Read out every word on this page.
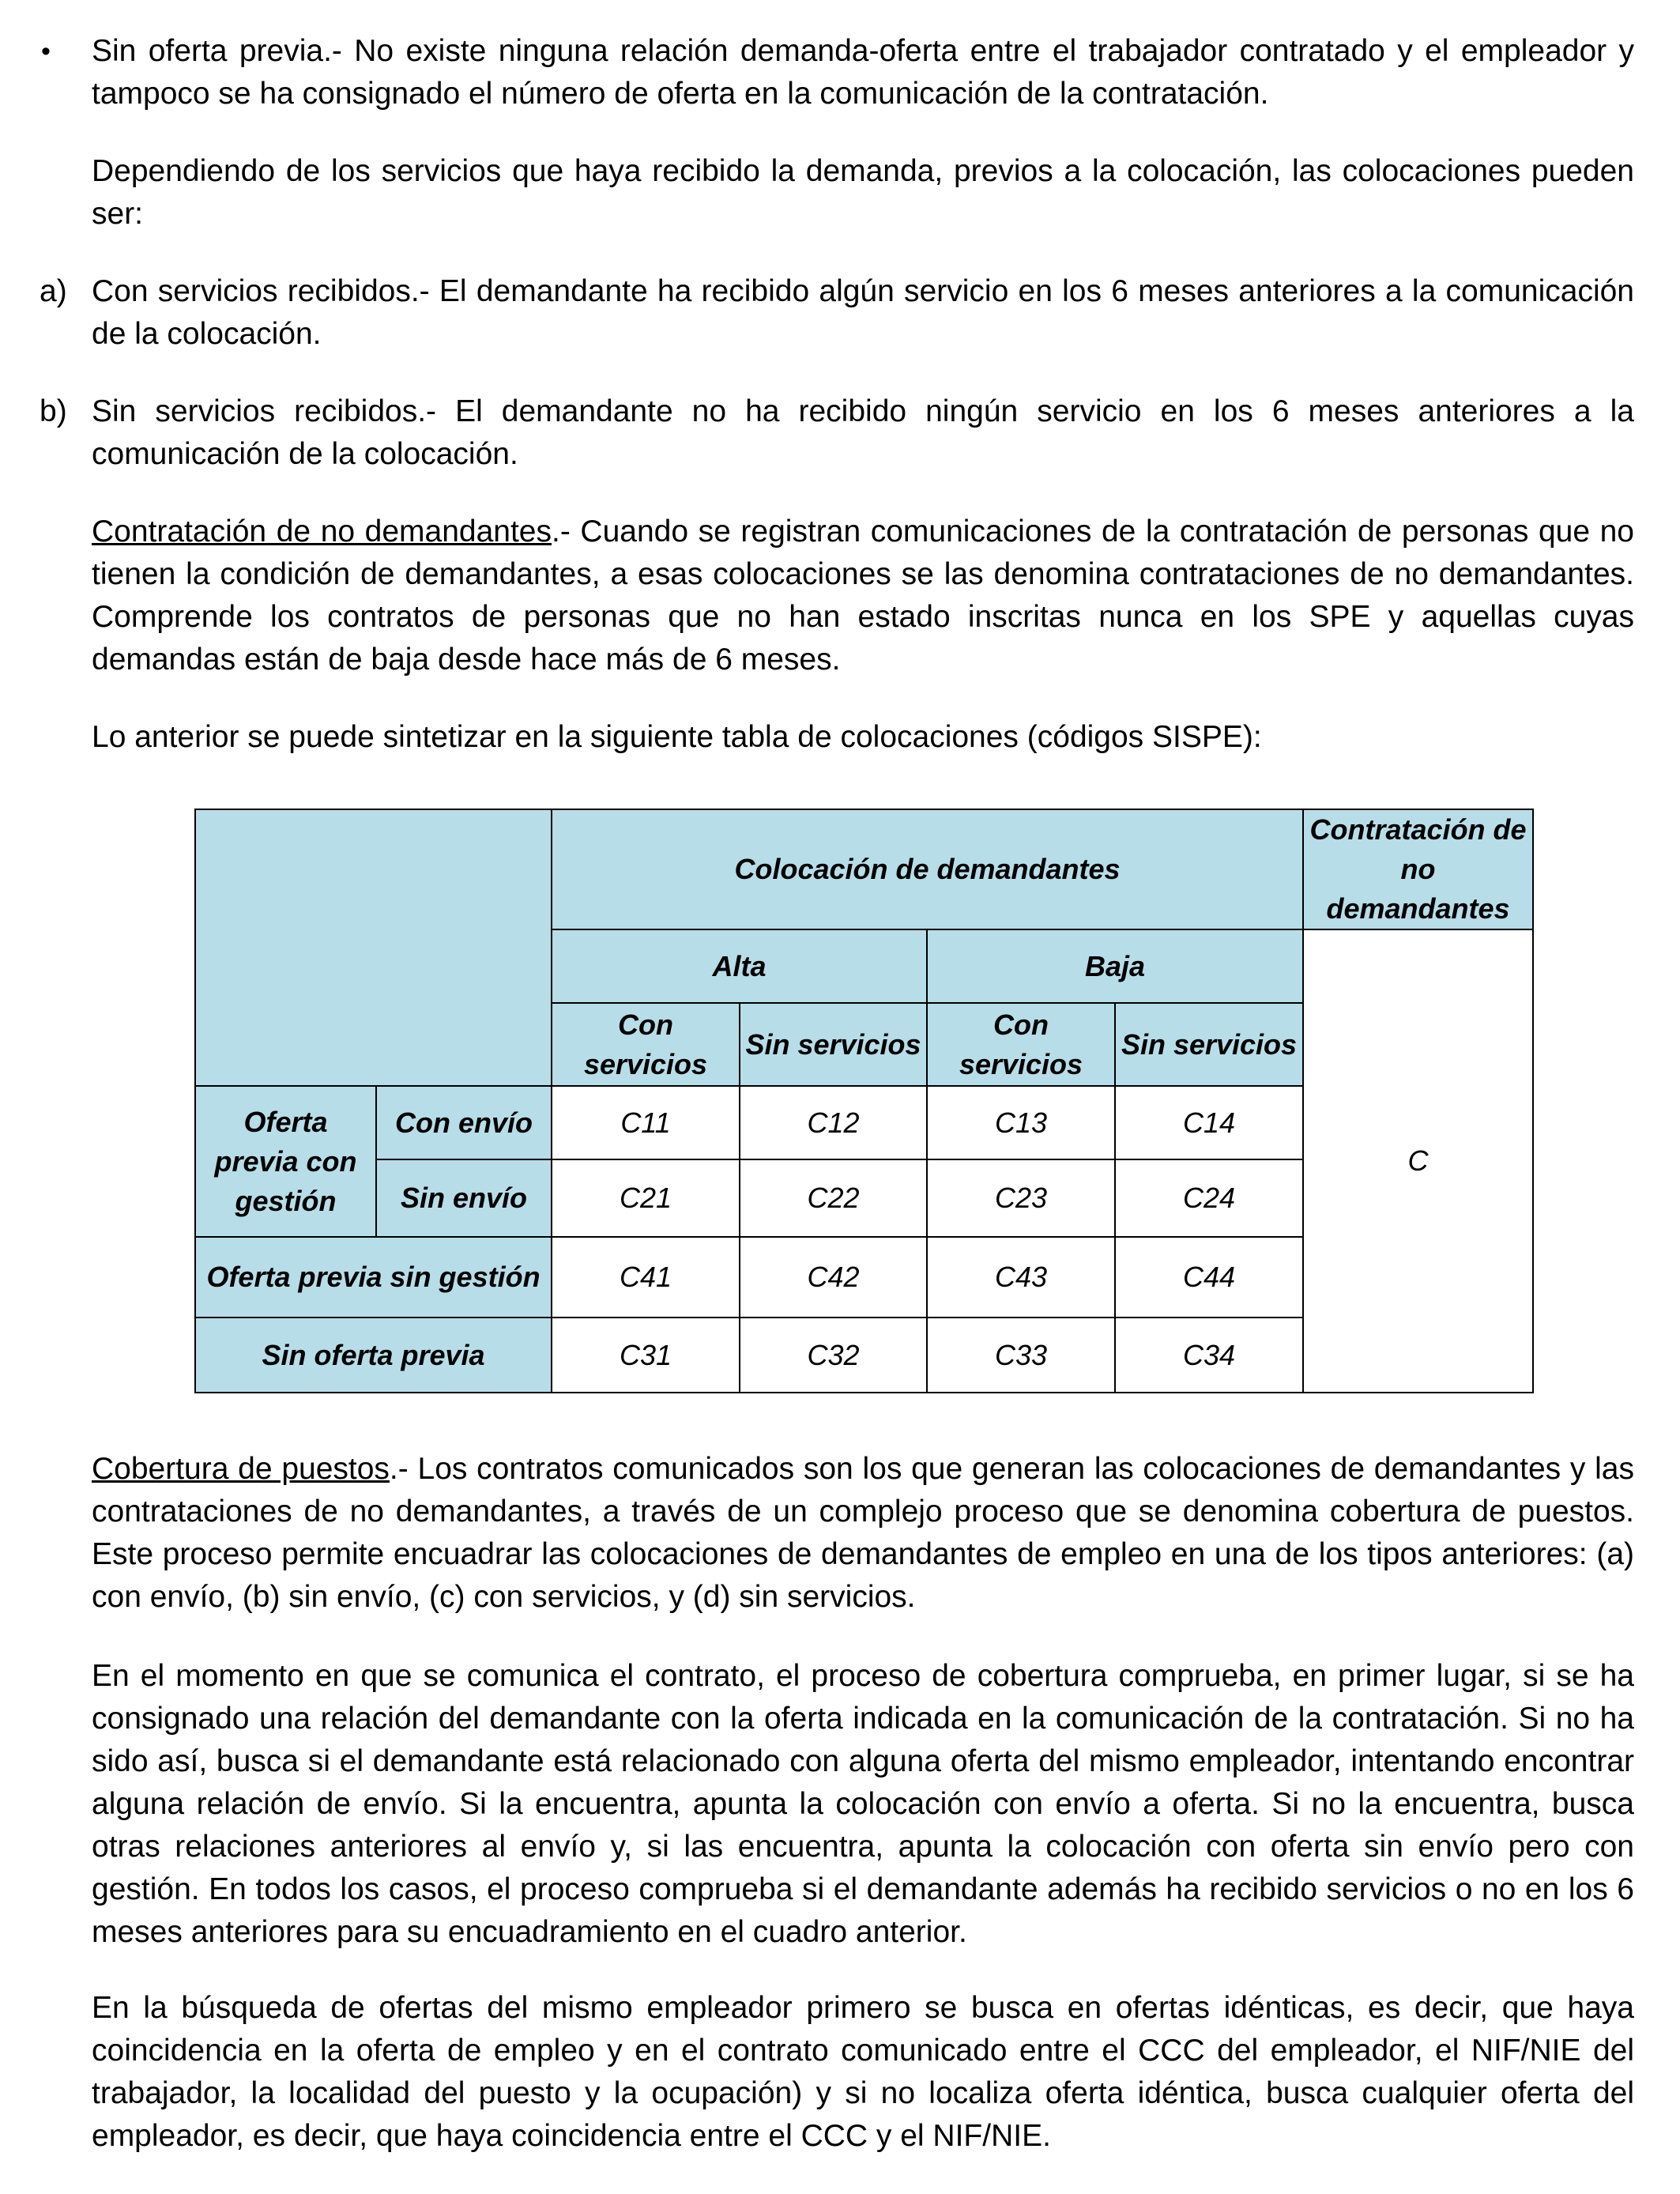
• Sin oferta previa.- No existe ninguna relación demanda-oferta entre el trabajador contratado y el empleador y tampoco se ha consignado el número de oferta en la comunicación de la contratación.

Dependiendo de los servicios que haya recibido la demanda, previos a la colocación, las colocaciones pueden ser:

a) Con servicios recibidos.- El demandante ha recibido algún servicio en los 6 meses anteriores a la comunicación de la colocación.

b) Sin servicios recibidos.- El demandante no ha recibido ningún servicio en los 6 meses anteriores a la comunicación de la colocación.

Contratación de no demandantes.- Cuando se registran comunicaciones de la contratación de personas que no tienen la condición de demandantes, a esas colocaciones se las denomina contrataciones de no demandantes. Comprende los contratos de personas que no han estado inscritas nunca en los SPE y aquellas cuyas demandas están de baja desde hace más de 6 meses.

Lo anterior se puede sintetizar en la siguiente tabla de colocaciones (códigos SISPE):

		Colocación de demandantes				Contratación de no demandantes
		Alta		Baja		C
		Con servicios	Sin servicios	Con servicios	Sin servicios	
Oferta previa con gestión	Con envío	C11	C12	C13	C14	
	Sin envío	C21	C22	C23	C24	
Oferta previa sin gestión		C41	C42	C43	C44	
Sin oferta previa		C31	C32	C33	C34	

Cobertura de puestos.- Los contratos comunicados son los que generan las colocaciones de demandantes y las contrataciones de no demandantes, a través de un complejo proceso que se denomina cobertura de puestos. Este proceso permite encuadrar las colocaciones de demandantes de empleo en una de los tipos anteriores: (a) con envío, (b) sin envío, (c) con servicios, y (d) sin servicios.

En el momento en que se comunica el contrato, el proceso de cobertura comprueba, en primer lugar, si se ha consignado una relación del demandante con la oferta indicada en la comunicación de la contratación. Si no ha sido así, busca si el demandante está relacionado con alguna oferta del mismo empleador, intentando encontrar alguna relación de envío. Si la encuentra, apunta la colocación con envío a oferta. Si no la encuentra, busca otras relaciones anteriores al envío y, si las encuentra, apunta la colocación con oferta sin envío pero con gestión. En todos los casos, el proceso comprueba si el demandante además ha recibido servicios o no en los 6 meses anteriores para su encuadramiento en el cuadro anterior.

En la búsqueda de ofertas del mismo empleador primero se busca en ofertas idénticas, es decir, que haya coincidencia en la oferta de empleo y en el contrato comunicado entre el CCC del empleador, el NIF/NIE del trabajador, la localidad del puesto y la ocupación) y si no localiza oferta idéntica, busca cualquier oferta del empleador, es decir, que haya coincidencia entre el CCC y el NIF/NIE.
